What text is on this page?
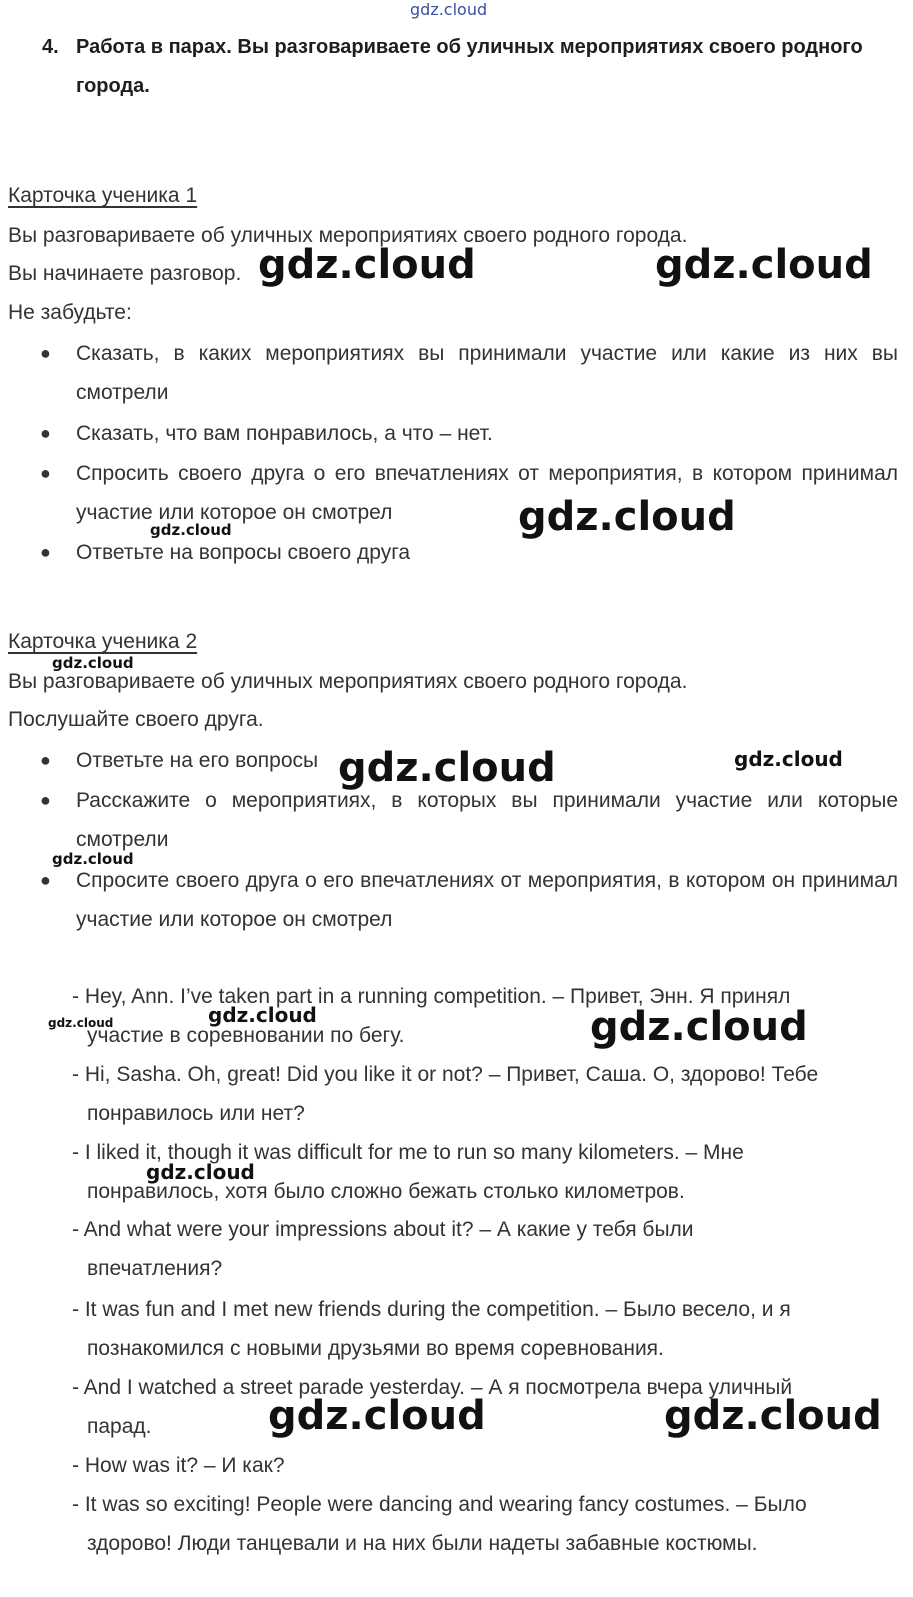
gdz.cloud
4. Работа в парах. Вы разговариваете об уличных мероприятиях своего родного города.
Карточка ученика 1
Вы разговариваете об уличных мероприятиях своего родного города.
Вы начинаете разговор.
Не забудьте:
●	Сказать, в каких мероприятиях вы принимали участие или какие из них вы смотрели
●	Сказать, что вам понравилось, а что – нет.
●	Спросить своего друга о его впечатлениях от мероприятия, в котором принимал участие или которое он смотрел
●	Ответьте на вопросы своего друга
Карточка ученика 2
Вы разговариваете об уличных мероприятиях своего родного города.
Послушайте своего друга.
●	Ответьте на его вопросы
●	Расскажите о мероприятиях, в которых вы принимали участие или которые смотрели
●	Спросите своего друга о его впечатлениях от мероприятия, в котором он принимал участие или которое он смотрел
- Hey, Ann. I’ve taken part in a running competition. – Привет, Энн. Я принял
участие в соревновании по бегу.
- Hi, Sasha. Oh, great! Did you like it or not? – Привет, Саша. О, здорово! Тебе
понравилось или нет?
- I liked it, though it was difficult for me to run so many kilometers. – Мне
понравилось, хотя было сложно бежать столько километров.
- And what were your impressions about it? – А какие у тебя были
впечатления?
- It was fun and I met new friends during the competition. – Было весело, и я
познакомился с новыми друзьями во время соревнования.
- And I watched a street parade yesterday. – А я посмотрела вчера уличный
парад.
- How was it? – И как?
- It was so exciting! People were dancing and wearing fancy costumes. – Было
здорово! Люди танцевали и на них были надеты забавные костюмы.
gdz.cloud	gdz.cloud
gdz.cloud
gdz.cloud
gdz.cloud
gdz.cloud	gdz.cloud
gdz.cloud
gdz.cloud	gdz.cloud	gdz.cloud
gdz.cloud
gdz.cloud	gdz.cloud
